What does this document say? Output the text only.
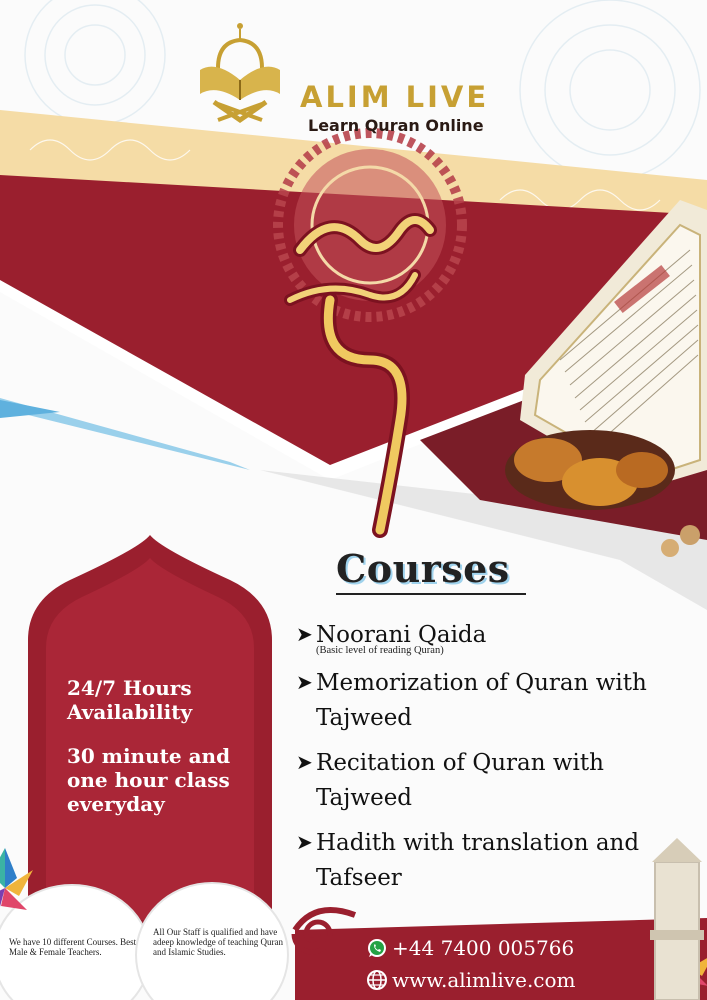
ALIM LIVE
Learn Quran Online
Courses
➤ Noorani Qaida
(Basic level of reading Quran)
➤ Memorization of Quran with Tajweed
➤ Recitation of Quran with Tajweed
➤ Hadith with translation and Tafseer
24/7 Hours
Availability
30 minute and
one hour class
everyday
We have 10 different Courses. Best Male & Female Teachers.
All Our Staff is qualified and have adeep knowledge of teaching Quran and Islamic Studies.	+44 7400 005766
www.alimlive.com
